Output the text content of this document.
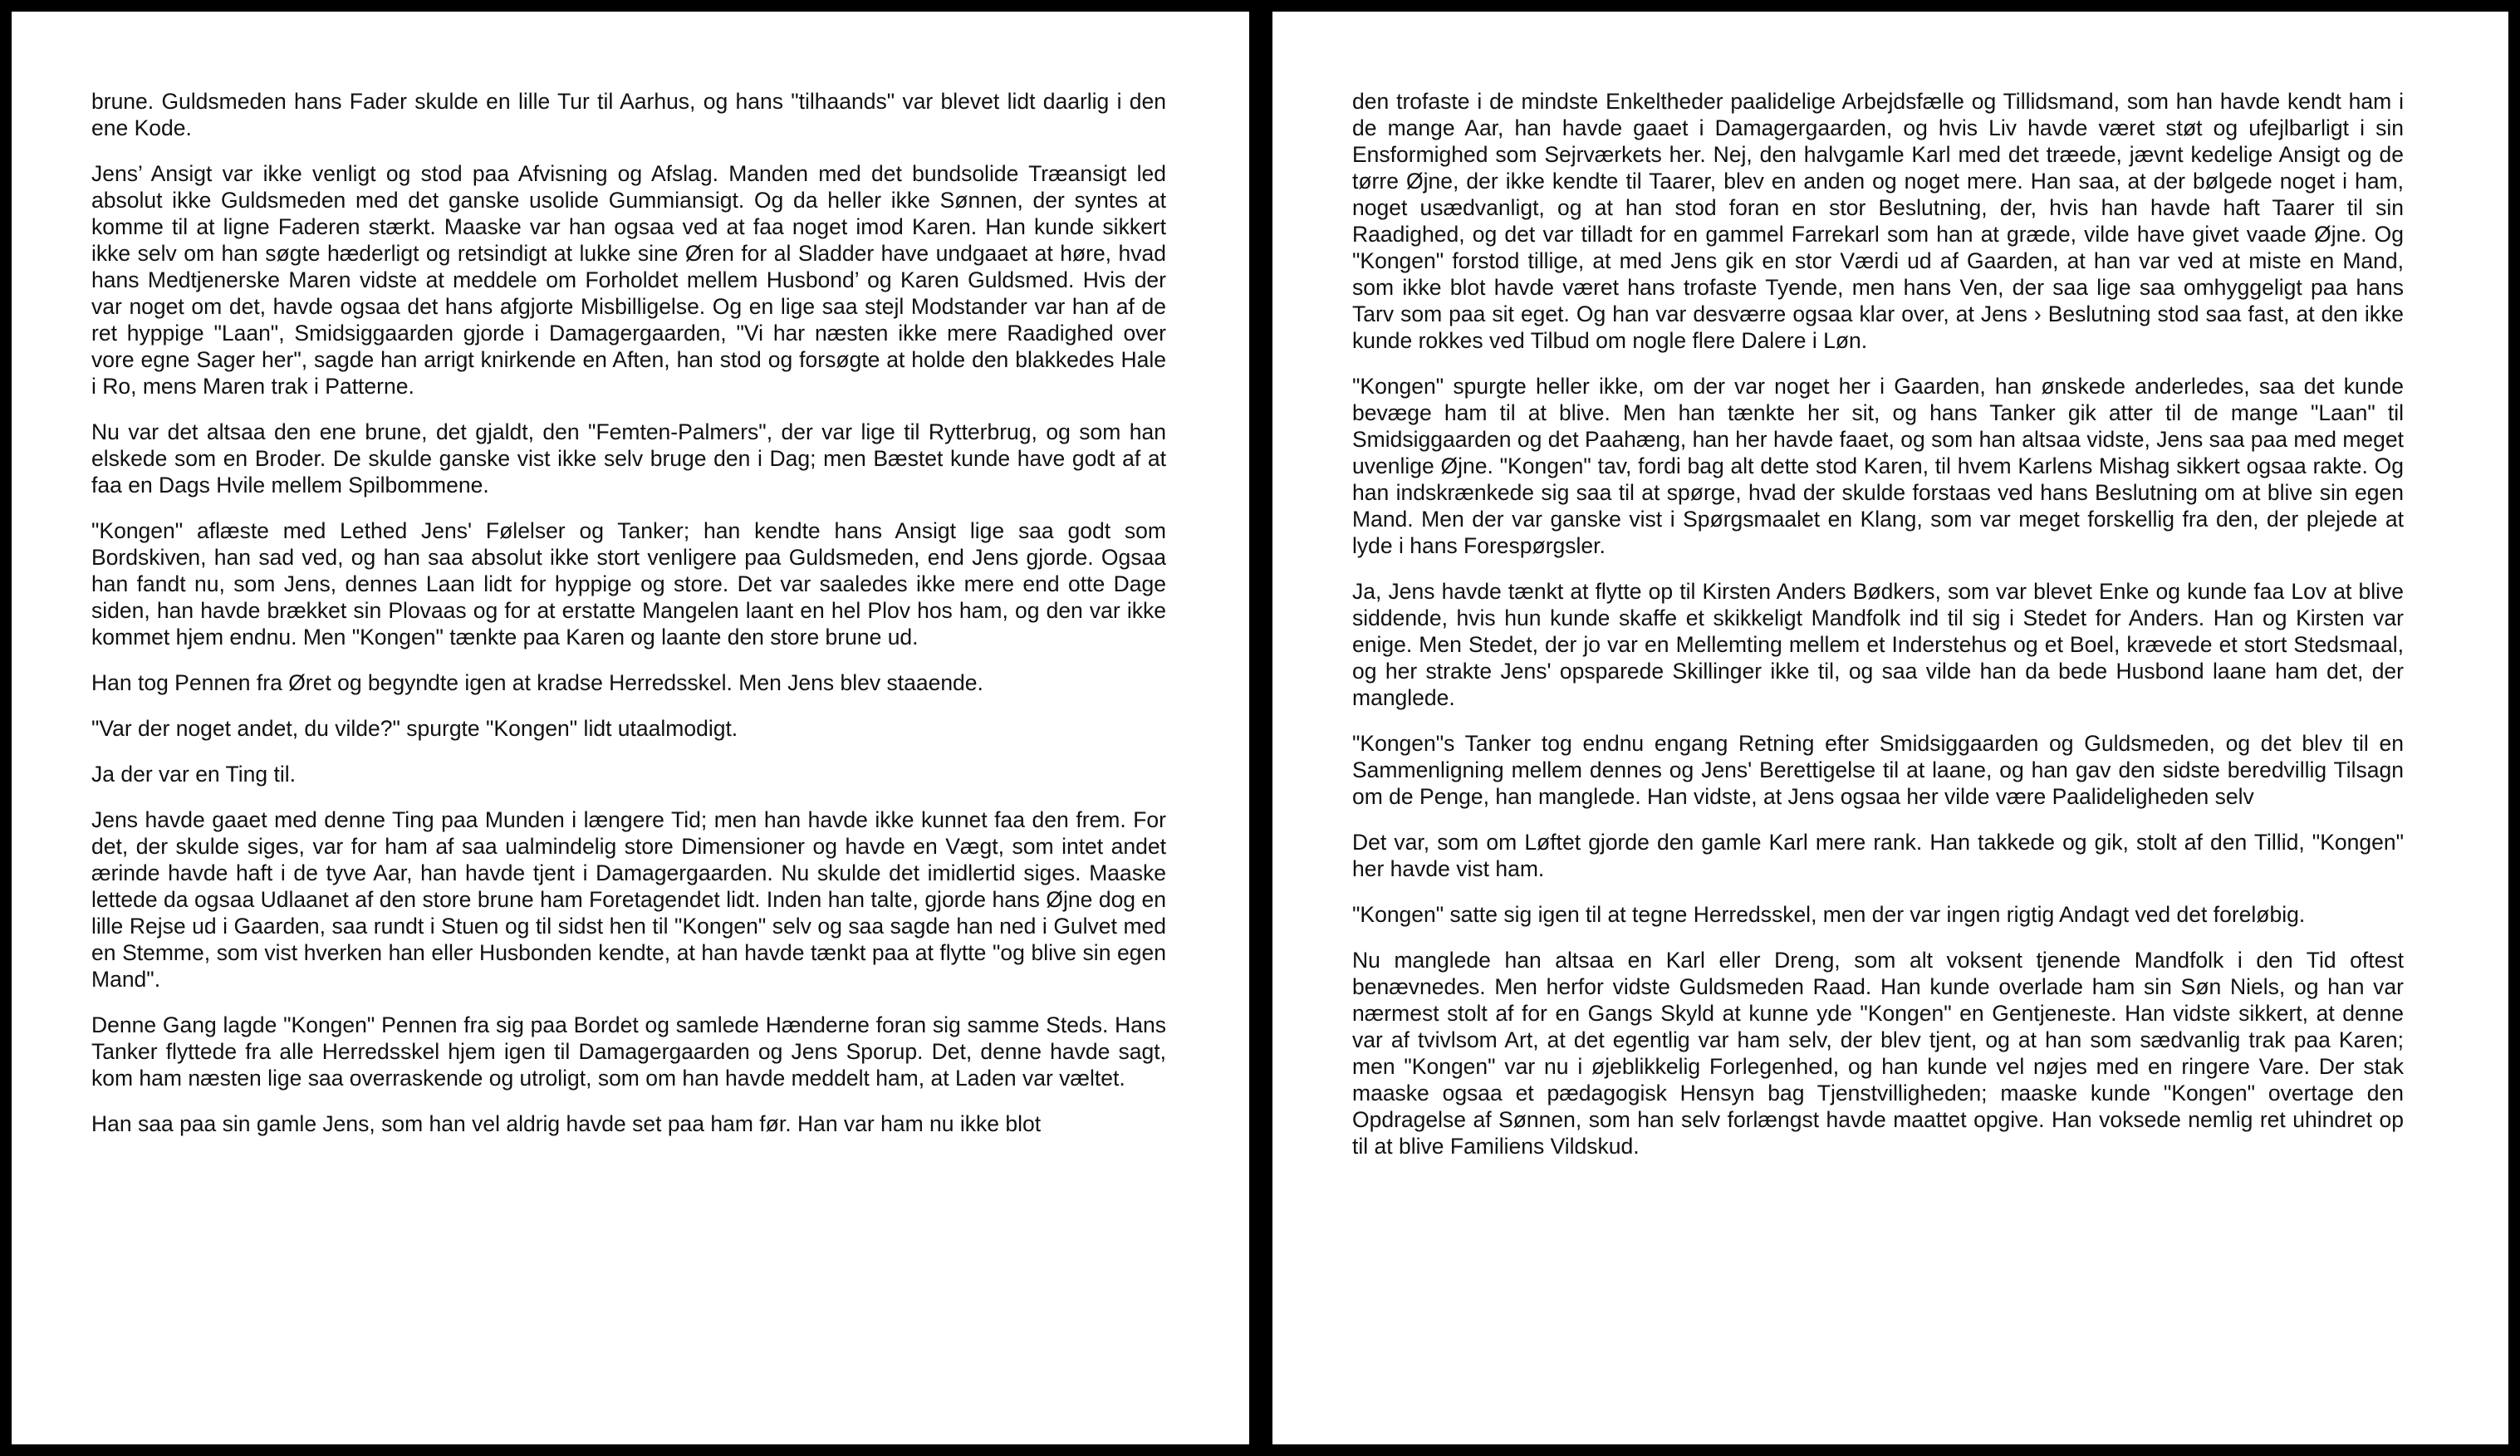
brune. Guldsmeden hans Fader skulde en lille Tur til Aarhus, og hans "tilhaands" var blevet lidt daarlig i den ene Kode.

Jens’ Ansigt var ikke venligt og stod paa Afvisning og Afslag. Manden med det bundsolide Træansigt led absolut ikke Guldsmeden med det ganske usolide Gummiansigt. Og da heller ikke Sønnen, der syntes at komme til at ligne Faderen stærkt. Maaske var han ogsaa ved at faa noget imod Karen. Han kunde sikkert ikke selv om han søgte hæderligt og retsindigt at lukke sine Øren for al Sladder have undgaaet at høre, hvad hans Medtjenerske Maren vidste at meddele om Forholdet mellem Husbond’ og Karen Guldsmed. Hvis der var noget om det, havde ogsaa det hans afgjorte Misbilligelse. Og en lige saa stejl Modstander var han af de ret hyppige "Laan", Smidsiggaarden gjorde i Damagergaarden, "Vi har næsten ikke mere Raadighed over vore egne Sager her", sagde han arrigt knirkende en Aften, han stod og forsøgte at holde den blakkedes Hale i Ro, mens Maren trak i Patterne.

Nu var det altsaa den ene brune, det gjaldt, den "Femten-Palmers", der var lige til Rytterbrug, og som han elskede som en Broder. De skulde ganske vist ikke selv bruge den i Dag; men Bæstet kunde have godt af at faa en Dags Hvile mellem Spilbommene.

"Kongen" aflæste med Lethed Jens' Følelser og Tanker; han kendte hans Ansigt lige saa godt som Bordskiven, han sad ved, og han saa absolut ikke stort venligere paa Guldsmeden, end Jens gjorde. Ogsaa han fandt nu, som Jens, dennes Laan lidt for hyppige og store. Det var saaledes ikke mere end otte Dage siden, han havde brækket sin Plovaas og for at erstatte Mangelen laant en hel Plov hos ham, og den var ikke kommet hjem endnu. Men "Kongen" tænkte paa Karen og laante den store brune ud.

Han tog Pennen fra Øret og begyndte igen at kradse Herredsskel. Men Jens blev staaende.

"Var der noget andet, du vilde?" spurgte "Kongen" lidt utaalmodigt.

Ja der var en Ting til.

Jens havde gaaet med denne Ting paa Munden i længere Tid; men han havde ikke kunnet faa den frem. For det, der skulde siges, var for ham af saa ualmindelig store Dimensioner og havde en Vægt, som intet andet ærinde havde haft i de tyve Aar, han havde tjent i Damagergaarden. Nu skulde det imidlertid siges. Maaske lettede da ogsaa Udlaanet af den store brune ham Foretagendet lidt. Inden han talte, gjorde hans Øjne dog en lille Rejse ud i Gaarden, saa rundt i Stuen og til sidst hen til "Kongen" selv og saa sagde han ned i Gulvet med en Stemme, som vist hverken han eller Husbonden kendte, at han havde tænkt paa at flytte "og blive sin egen Mand".

Denne Gang lagde "Kongen" Pennen fra sig paa Bordet og samlede Hænderne foran sig samme Steds. Hans Tanker flyttede fra alle Herredsskel hjem igen til Damagergaarden og Jens Sporup. Det, denne havde sagt, kom ham næsten lige saa overraskende og utroligt, som om han havde meddelt ham, at Laden var væltet.

Han saa paa sin gamle Jens, som han vel aldrig havde set paa ham før. Han var ham nu ikke blot

den trofaste i de mindste Enkeltheder paalidelige Arbejdsfælle og Tillidsmand, som han havde kendt ham i de mange Aar, han havde gaaet i Damagergaarden, og hvis Liv havde været støt og ufejlbarligt i sin Ensformighed som Sejrværkets her. Nej, den halvgamle Karl med det træede, jævnt kedelige Ansigt og de tørre Øjne, der ikke kendte til Taarer, blev en anden og noget mere. Han saa, at der bølgede noget i ham, noget usædvanligt, og at han stod foran en stor Beslutning, der, hvis han havde haft Taarer til sin Raadighed, og det var tilladt for en gammel Farrekarl som han at græde, vilde have givet vaade Øjne. Og "Kongen" forstod tillige, at med Jens gik en stor Værdi ud af Gaarden, at han var ved at miste en Mand, som ikke blot havde været hans trofaste Tyende, men hans Ven, der saa lige saa omhyggeligt paa hans Tarv som paa sit eget. Og han var desværre ogsaa klar over, at Jens › Beslutning stod saa fast, at den ikke kunde rokkes ved Tilbud om nogle flere Dalere i Løn.

"Kongen" spurgte heller ikke, om der var noget her i Gaarden, han ønskede anderledes, saa det kunde bevæge ham til at blive. Men han tænkte her sit, og hans Tanker gik atter til de mange "Laan" til Smidsiggaarden og det Paahæng, han her havde faaet, og som han altsaa vidste, Jens saa paa med meget uvenlige Øjne. "Kongen" tav, fordi bag alt dette stod Karen, til hvem Karlens Mishag sikkert ogsaa rakte. Og han indskrænkede sig saa til at spørge, hvad der skulde forstaas ved hans Beslutning om at blive sin egen Mand. Men der var ganske vist i Spørgsmaalet en Klang, som var meget forskellig fra den, der plejede at lyde i hans Forespørgsler.

Ja, Jens havde tænkt at flytte op til Kirsten Anders Bødkers, som var blevet Enke og kunde faa Lov at blive siddende, hvis hun kunde skaffe et skikkeligt Mandfolk ind til sig i Stedet for Anders. Han og Kirsten var enige. Men Stedet, der jo var en Mellemting mellem et Inderstehus og et Boel, krævede et stort Stedsmaal, og her strakte Jens' opsparede Skillinger ikke til, og saa vilde han da bede Husbond laane ham det, der manglede.

"Kongen"s Tanker tog endnu engang Retning efter Smidsiggaarden og Guldsmeden, og det blev til en Sammenligning mellem dennes og Jens' Berettigelse til at laane, og han gav den sidste beredvillig Tilsagn om de Penge, han manglede. Han vidste, at Jens ogsaa her vilde være Paalideligheden selv

Det var, som om Løftet gjorde den gamle Karl mere rank. Han takkede og gik, stolt af den Tillid, "Kongen" her havde vist ham.

"Kongen" satte sig igen til at tegne Herredsskel, men der var ingen rigtig Andagt ved det foreløbig.

Nu manglede han altsaa en Karl eller Dreng, som alt voksent tjenende Mandfolk i den Tid oftest benævnedes. Men herfor vidste Guldsmeden Raad. Han kunde overlade ham sin Søn Niels, og han var nærmest stolt af for en Gangs Skyld at kunne yde "Kongen" en Gentjeneste. Han vidste sikkert, at denne var af tvivlsom Art, at det egentlig var ham selv, der blev tjent, og at han som sædvanlig trak paa Karen; men "Kongen" var nu i øjeblikkelig Forlegenhed, og han kunde vel nøjes med en ringere Vare. Der stak maaske ogsaa et pædagogisk Hensyn bag Tjenstvilligheden; maaske kunde "Kongen" overtage den Opdragelse af Sønnen, som han selv forlængst havde maattet opgive. Han voksede nemlig ret uhindret op til at blive Familiens Vildskud.
